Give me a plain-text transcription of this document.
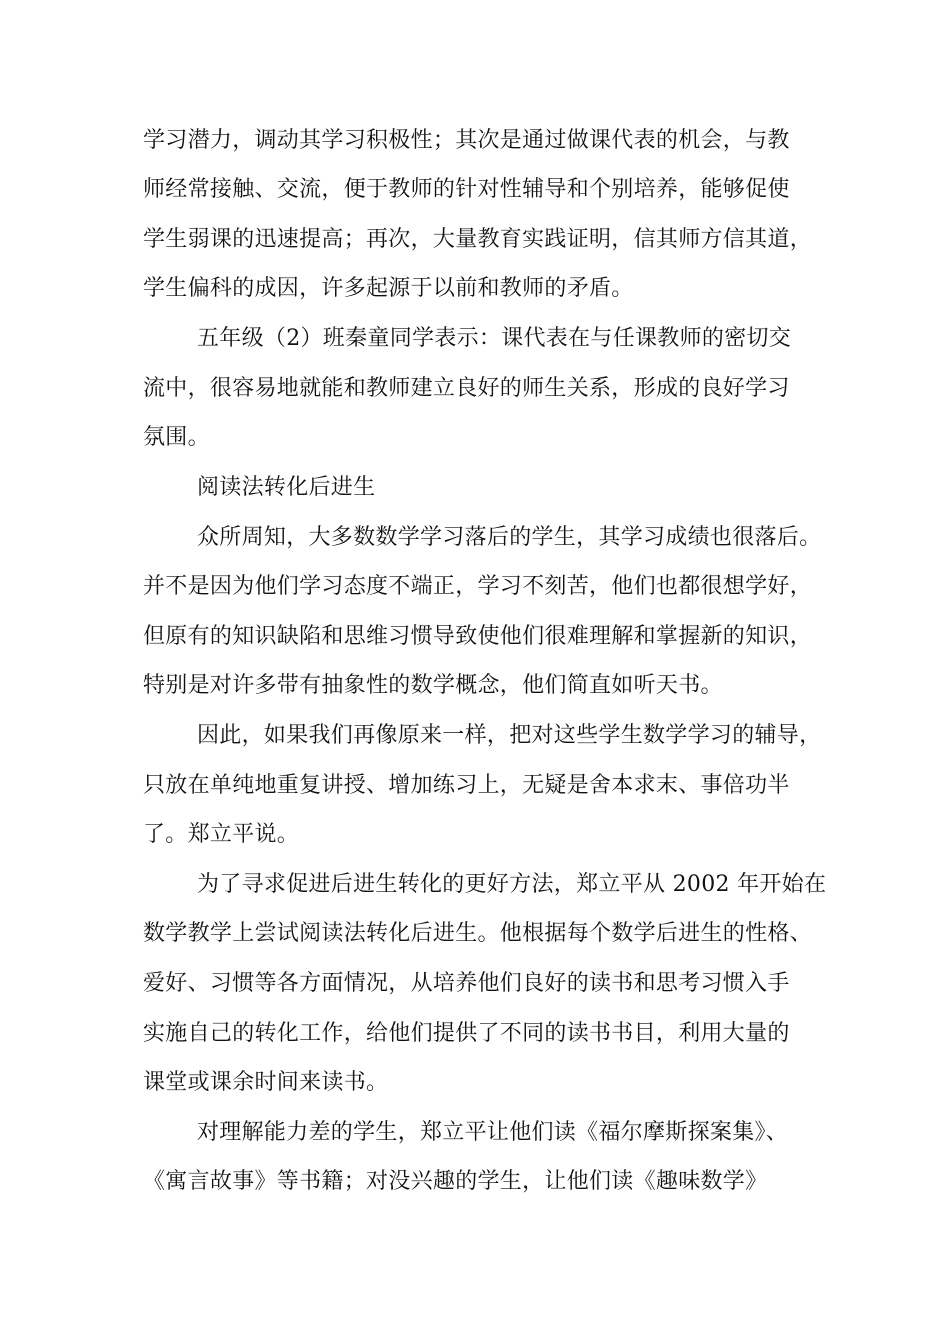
学习潜力，调动其学习积极性；其次是通过做课代表的机会，与教
师经常接触、交流，便于教师的针对性辅导和个别培养，能够促使
学生弱课的迅速提高；再次，大量教育实践证明，信其师方信其道，
学生偏科的成因，许多起源于以前和教师的矛盾。
五年级（2）班秦童同学表示：课代表在与任课教师的密切交
流中，很容易地就能和教师建立良好的师生关系，形成的良好学习
氛围。
阅读法转化后进生
众所周知，大多数数学学习落后的学生，其学习成绩也很落后。
并不是因为他们学习态度不端正，学习不刻苦，他们也都很想学好，
但原有的知识缺陷和思维习惯导致使他们很难理解和掌握新的知识，
特别是对许多带有抽象性的数学概念，他们简直如听天书。
因此，如果我们再像原来一样，把对这些学生数学学习的辅导，
只放在单纯地重复讲授、增加练习上，无疑是舍本求末、事倍功半
了。郑立平说。
为了寻求促进后进生转化的更好方法，郑立平从 2002 年开始在
数学教学上尝试阅读法转化后进生。他根据每个数学后进生的性格、
爱好、习惯等各方面情况，从培养他们良好的读书和思考习惯入手
实施自己的转化工作，给他们提供了不同的读书书目，利用大量的
课堂或课余时间来读书。
对理解能力差的学生，郑立平让他们读《福尔摩斯探案集》、
《寓言故事》等书籍；对没兴趣的学生，让他们读《趣味数学》
